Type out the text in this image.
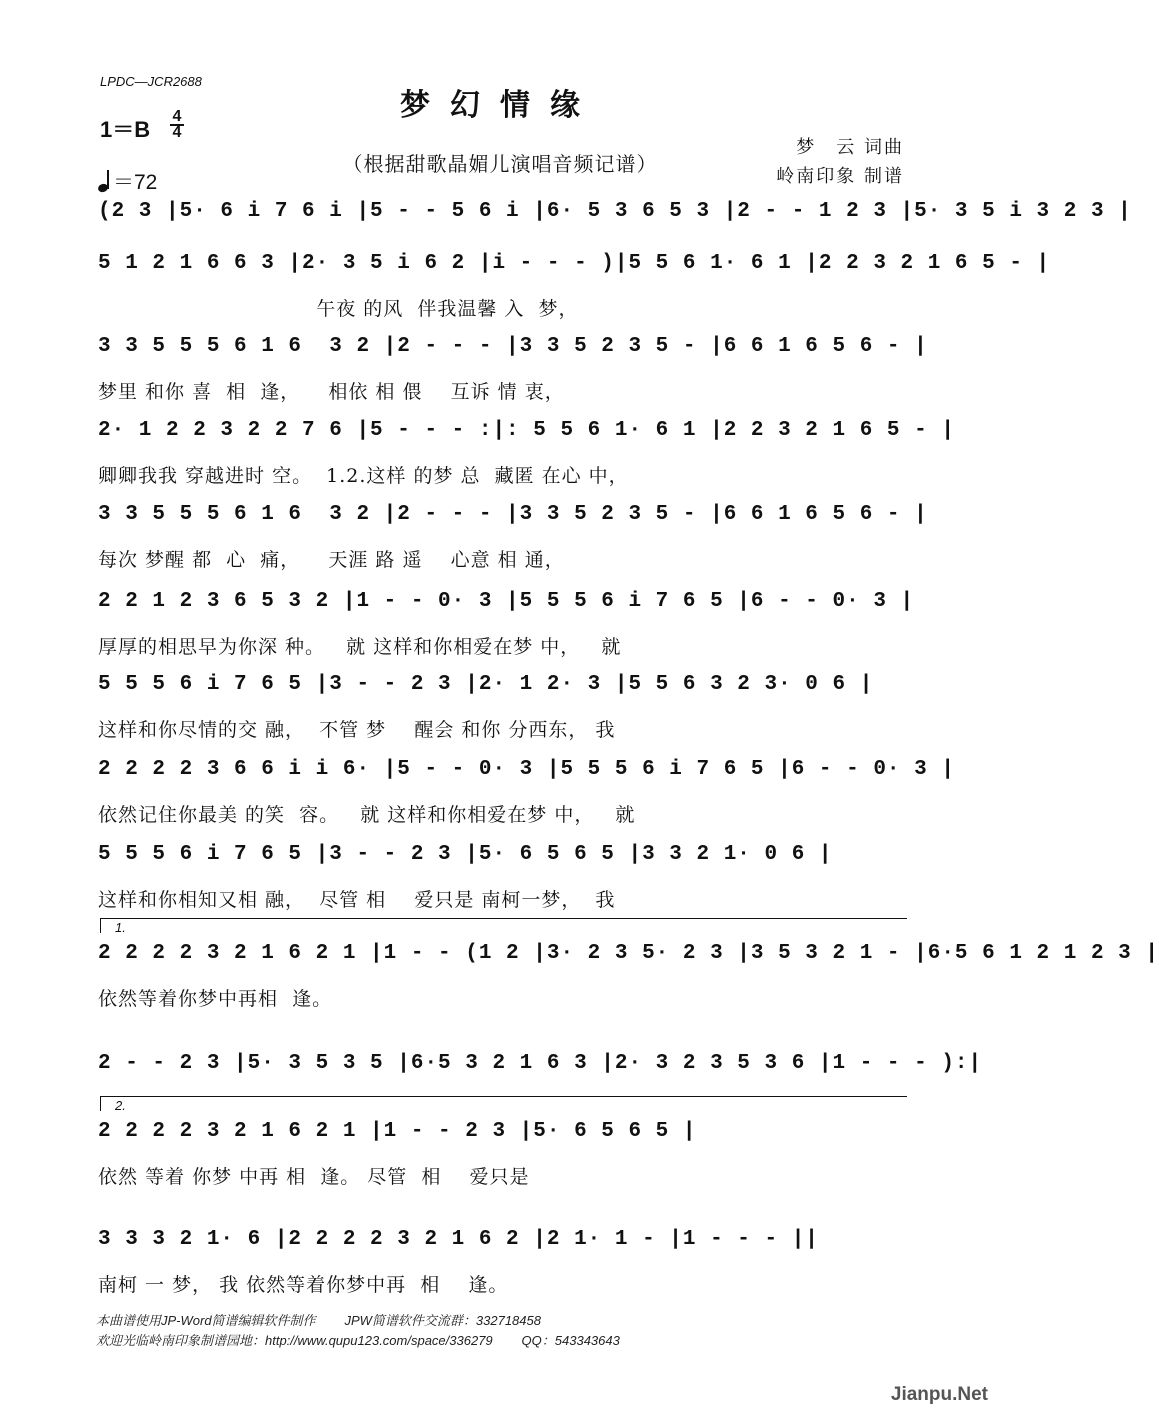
LPDC—JCR2688
梦幻情缘
（根据甜歌晶媚儿演唱音频记谱）
1＝B
4
4
＝72
梦　云 词曲
岭南印象 制谱
(2 3 |5· 6 i 7 6 i |5 - - 5 6 i |6· 5 3 6 5 3 |2 - - 1 2 3 |5· 3 5 i 3 2 3 |
5 1 2 1 6 6 3 |2· 3 5 i 6 2 |i - - - )|5 5 6 1· 6 1 |2 2 3 2 1 6 5 - |
午夜 的风  伴我温馨 入  梦，
3 3 5 5 5 6 1 6  3 2 |2 - - - |3 3 5 2 3 5 - |6 6 1 6 5 6 - |
梦里 和你 喜  相  逢，    相依 相 偎    互诉 情 衷，
2· 1 2 2 3 2 2 7 6 |5 - - - :|: 5 5 6 1· 6 1 |2 2 3 2 1 6 5 - |
卿卿我我 穿越进时 空。  1.2.这样 的梦 总  藏匿 在心 中，
3 3 5 5 5 6 1 6  3 2 |2 - - - |3 3 5 2 3 5 - |6 6 1 6 5 6 - |
每次 梦醒 都  心  痛，    天涯 路 遥    心意 相 通，
2 2 1 2 3 6 5 3 2 |1 - - 0· 3 |5 5 5 6 i 7 6 5 |6 - - 0· 3 |
厚厚的相思早为你深 种。   就 这样和你相爱在梦 中，   就
5 5 5 6 i 7 6 5 |3 - - 2 3 |2· 1 2· 3 |5 5 6 3 2 3· 0 6 |
这样和你尽情的交 融，  不管 梦    醒会 和你 分西东， 我
2 2 2 2 3 6 6 i i 6· |5 - - 0· 3 |5 5 5 6 i 7 6 5 |6 - - 0· 3 |
依然记住你最美 的笑  容。   就 这样和你相爱在梦 中，   就
5 5 5 6 i 7 6 5 |3 - - 2 3 |5· 6 5 6 5 |3 3 2 1· 0 6 |
这样和你相知又相 融，  尽管 相    爱只是 南柯一梦，  我
1.
2 2 2 2 3 2 1 6 2 1 |1 - - (1 2 |3· 2 3 5· 2 3 |3 5 3 2 1 - |6·5 6 1 2 1 2 3 |
依然等着你梦中再相  逢。
2 - - 2 3 |5· 3 5 3 5 |6·5 3 2 1 6 3 |2· 3 2 3 5 3 6 |1 - - - ):|
2.
2 2 2 2 3 2 1 6 2 1 |1 - - 2 3 |5· 6 5 6 5 |
依然 等着 你梦 中再 相  逢。 尽管  相    爱只是
3 3 3 2 1· 6 |2 2 2 2 3 2 1 6 2 |2 1· 1 - |1 - - - ||
南柯 一 梦， 我 依然等着你梦中再  相    逢。
本曲谱使用JP-Word简谱编辑软件制作        JPW简谱软件交流群：332718458
欢迎光临岭南印象制谱园地：http://www.qupu123.com/space/336279        QQ：543343643
Jianpu.Net
